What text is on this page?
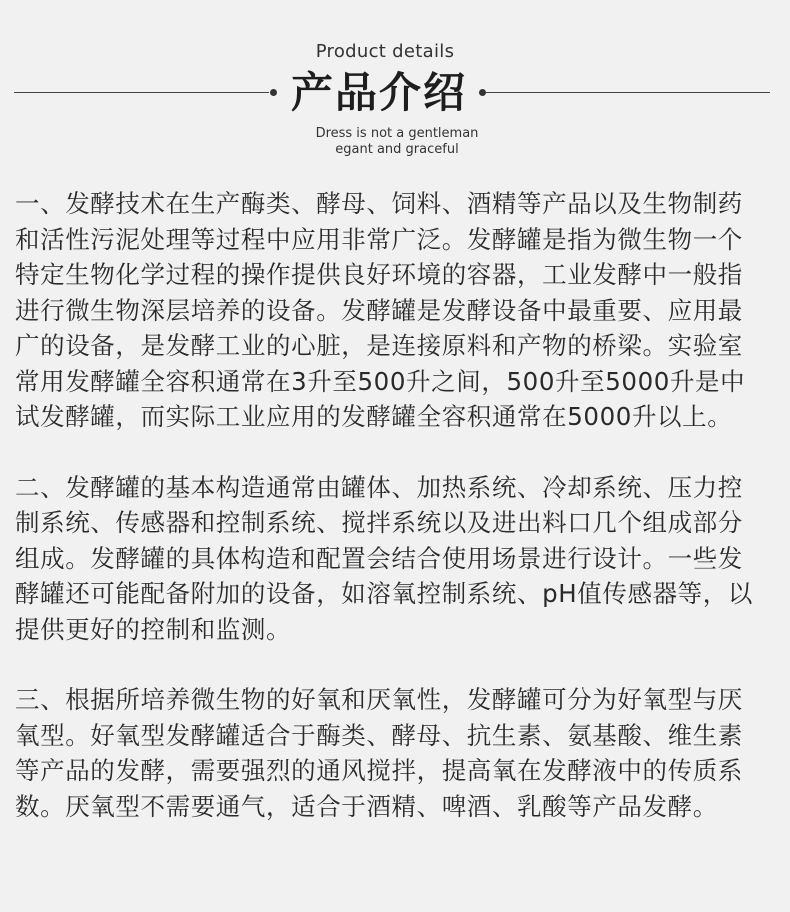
Product details
产品介绍
Dress is not a gentleman
egant and graceful

一、发酵技术在生产酶类、酵母、饲料、酒精等产品以及生物制药和活性污泥处理等过程中应用非常广泛。发酵罐是指为微生物一个特定生物化学过程的操作提供良好环境的容器，工业发酵中一般指进行微生物深层培养的设备。发酵罐是发酵设备中最重要、应用最广的设备，是发酵工业的心脏，是连接原料和产物的桥梁。实验室常用发酵罐全容积通常在3升至500升之间，500升至5000升是中试发酵罐，而实际工业应用的发酵罐全容积通常在5000升以上。

二、发酵罐的基本构造通常由罐体、加热系统、冷却系统、压力控制系统、传感器和控制系统、搅拌系统以及进出料口几个组成部分组成。发酵罐的具体构造和配置会结合使用场景进行设计。一些发酵罐还可能配备附加的设备，如溶氧控制系统、pH值传感器等，以提供更好的控制和监测。

三、根据所培养微生物的好氧和厌氧性，发酵罐可分为好氧型与厌氧型。好氧型发酵罐适合于酶类、酵母、抗生素、氨基酸、维生素等产品的发酵，需要强烈的通风搅拌，提高氧在发酵液中的传质系数。厌氧型不需要通气，适合于酒精、啤酒、乳酸等产品发酵。
